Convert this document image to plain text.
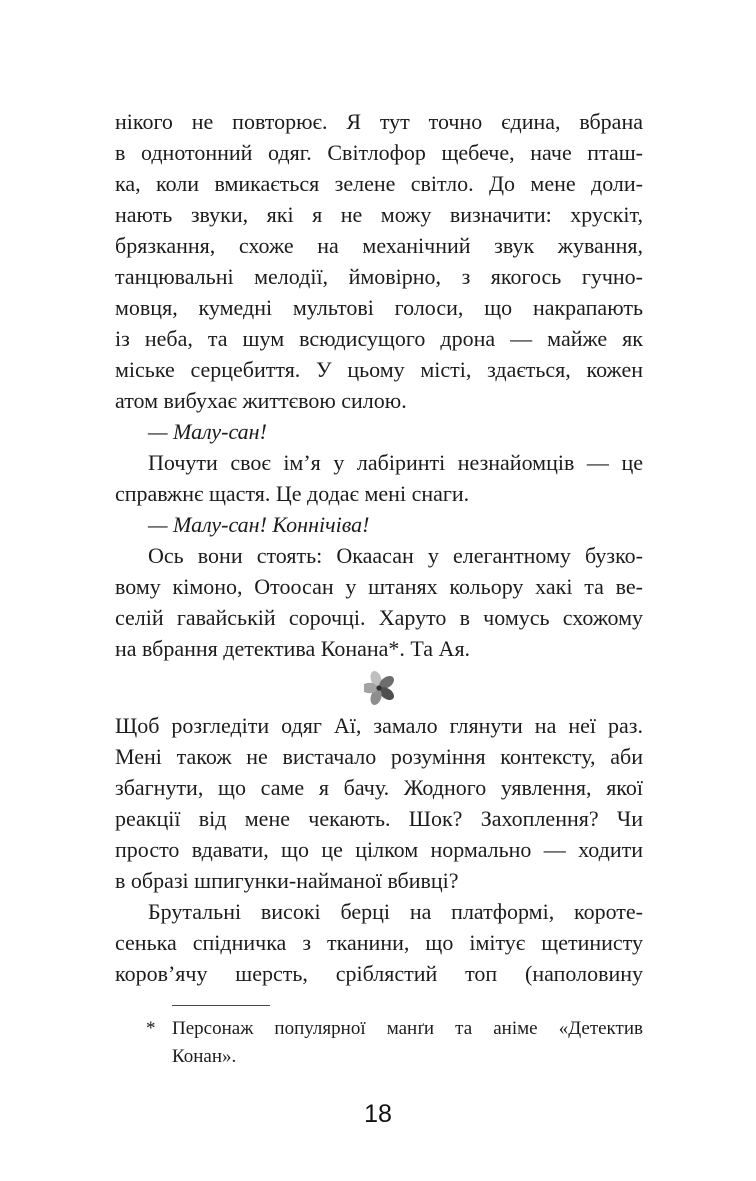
нікого не повторює. Я тут точно єдина, вбрана
в однотонний одяг. Світлофор щебече, наче пташ-
ка, коли вмикається зелене світло. До мене доли-
нають звуки, які я не можу визначити: хрускіт,
брязкання, схоже на механічний звук жування,
танцювальні мелодії, ймовірно, з якогось гучно-
мовця, кумедні мультові голоси, що накрапають
із неба, та шум всюдисущого дрона — майже як
міське серцебиття. У цьому місті, здається, кожен
атом вибухає життєвою силою.

— Малу-сан!

Почути своє ім’я у лабіринті незнайомців — це
справжнє щастя. Це додає мені снаги.

— Малу-сан! Коннічіва!

Ось вони стоять: Окаасан у елегантному бузко-
вому кімоно, Отоосан у штанях кольору хакі та ве-
селій гавайській сорочці. Харуто в чомусь схожому
на вбрання детектива Конана*. Та Ая.

Щоб розгледіти одяг Аї, замало глянути на неї раз.
Мені також не вистачало розуміння контексту, аби
збагнути, що саме я бачу. Жодного уявлення, якої
реакції від мене чекають. Шок? Захоплення? Чи
просто вдавати, що це цілком нормально — ходити
в образі шпигунки-найманої вбивці?

Брутальні високі берці на платформі, короте-
сенька спідничка з тканини, що імітує щетинисту
коров’ячу шерсть, сріблястий топ (наполовину

* Персонаж популярної манґи та аніме «Детектив
Конан».
18
